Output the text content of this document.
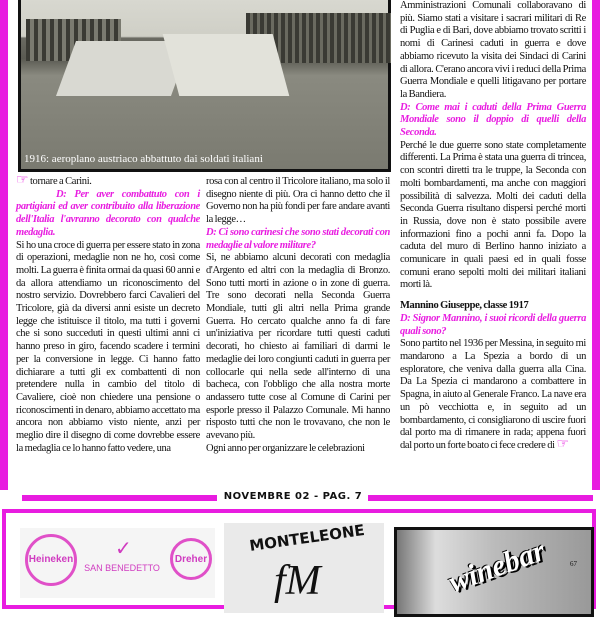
1916: aeroplano austriaco abbattuto dai soldati italiani
☞ tornare a Carini.
D: Per aver combattuto con i partigiani ed aver contribuito alla liberazione dell'Italia l'avranno decorato con qualche medaglia.
Si ho una croce di guerra per essere stato in zona di operazioni, medaglie non ne ho, così come molti. La guerra è finita ormai da quasi 60 anni e da allora attendiamo un riconoscimento del nostro servizio. Dovrebbero farci Cavalieri del Tricolore, già da diversi anni esiste un decreto legge che istituisce il titolo, ma tutti i governi che si sono succeduti in questi ultimi anni ci hanno preso in giro, facendo scadere i termini per la conversione in legge. Ci hanno fatto dichiarare a tutti gli ex combattenti di non pretendere nulla in cambio del titolo di Cavaliere, cioè non chiedere una pensione o riconoscimenti in denaro, abbiamo accettato ma ancora non abbiamo visto niente, anzi per meglio dire il disegno di come dovrebbe essere la medaglia ce lo hanno fatto vedere, una
rosa con al centro il Tricolore italiano, ma solo il disegno niente di più. Ora ci hanno detto che il Governo non ha più fondi per fare andare avanti la legge…
D: Ci sono carinesi che sono stati decorati con medaglie al valore militare?
Si, ne abbiamo alcuni decorati con medaglia d'Argento ed altri con la medaglia di Bronzo. Sono tutti morti in azione o in zone di guerra. Tre sono decorati nella Seconda Guerra Mondiale, tutti gli altri nella Prima grande Guerra. Ho cercato qualche anno fa di fare un'iniziativa per ricordare tutti questi caduti decorati, ho chiesto ai familiari di darmi le medaglie dei loro congiunti caduti in guerra per collocarle qui nella sede all'interno di una bacheca, con l'obbligo che alla nostra morte andassero tutte cose al Comune di Carini per esporle presso il Palazzo Comunale. Mi hanno risposto tutti che non le trovavano, che non le avevano più.
Ogni anno per organizzare le celebrazioni
Amministrazioni Comunali collaboravano di più. Siamo stati a visitare i sacrari militari di Re di Puglia e di Bari, dove abbiamo trovato scritti i nomi di Carinesi caduti in guerra e dove abbiamo ricevuto la visita dei Sindaci di Carini di allora. C'erano ancora vivi i reduci della Prima Guerra Mondiale e quelli litigavano per portare la Bandiera.
D: Come mai i caduti della Prima Guerra Mondiale sono il doppio di quelli della Seconda.
Perché le due guerre sono state completamente differenti. La Prima è stata una guerra di trincea, con scontri diretti tra le truppe, la Seconda con molti bombardamenti, ma anche con maggiori possibilità di salvezza. Molti dei caduti della Seconda Guerra risultano dispersi perché morti in Russia, dove non è stato possibile avere informazioni fino a pochi anni fa. Dopo la caduta del muro di Berlino hanno iniziato a comunicare in quali paesi ed in quali fosse comuni erano sepolti molti dei militari italiani morti là.
Mannino Giuseppe, classe 1917
D: Signor Mannino, i suoi ricordi della guerra quali sono?
Sono partito nel 1936 per Messina, in seguito mi mandarono a La Spezia a bordo di un esploratore, che veniva dalla guerra alla Cina. Da La Spezia ci mandarono a combattere in Spagna, in aiuto al Generale Franco. La nave era un pò vecchiotta e, in seguito ad un bombardamento, ci consigliarono di uscire fuori dal porto ma di rimanere in rada; appena fuori dal porto un forte boato ci fece credere di ☞
NOVEMBRE 02 - PAG. 7
Heineken
SAN BENEDETTO
✓	Dreher
MONTELEONE
fM	winebar	67
